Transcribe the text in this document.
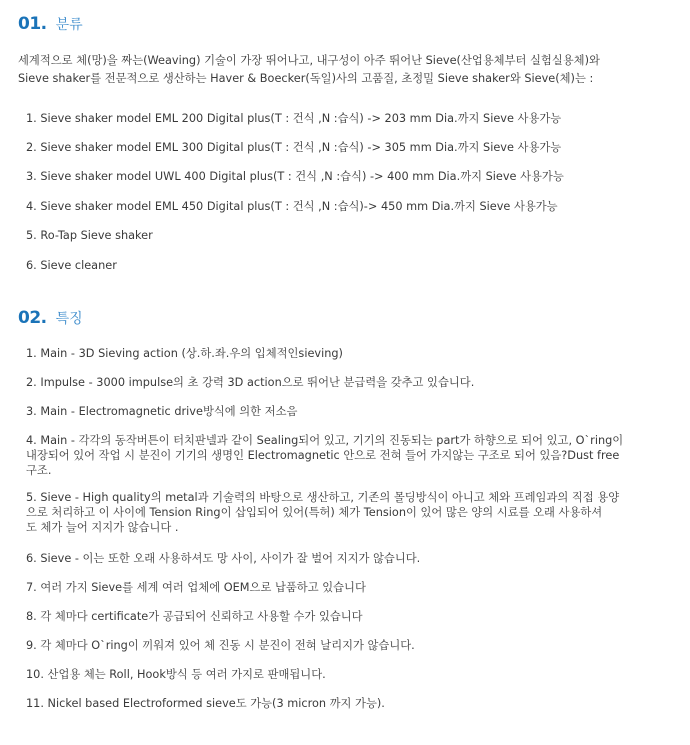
01. 분류
세계적으로 체(망)을 짜는(Weaving) 기술이 가장 뛰어나고, 내구성이 아주 뛰어난 Sieve(산업용체부터 실험실용체)와
Sieve shaker를 전문적으로 생산하는 Haver & Boecker(독일)사의 고품질, 초정밀 Sieve shaker와 Sieve(체)는 :
1. Sieve shaker model EML 200 Digital plus(T : 건식 ,N :습식) -> 203 mm Dia.까지 Sieve 사용가능
2. Sieve shaker model EML 300 Digital plus(T : 건식 ,N :습식) -> 305 mm Dia.까지 Sieve 사용가능
3. Sieve shaker model UWL 400 Digital plus(T : 건식 ,N :습식) -> 400 mm Dia.까지 Sieve 사용가능
4. Sieve shaker model EML 450 Digital plus(T : 건식 ,N :습식)-> 450 mm Dia.까지 Sieve 사용가능
5. Ro-Tap Sieve shaker
6. Sieve cleaner
02. 특징
1. Main - 3D Sieving action (상.하.좌.우의 입체적인sieving)
2. Impulse - 3000 impulse의 초 강력 3D action으로 뛰어난 분급력을 갖추고 있습니다.
3. Main - Electromagnetic drive방식에 의한 저소음
4. Main - 각각의 동작버튼이 터치판넬과 같이 Sealing되어 있고, 기기의 진동되는 part가 하향으로 되어 있고, O`ring이
내장되어 있어 작업 시 분진이 기기의 생명인 Electromagnetic 안으로 전혀 들어 가지않는 구조로 되어 있음?Dust free
구조.
5. Sieve - High quality의 metal과 기술력의 바탕으로 생산하고, 기존의 몰딩방식이 아니고 체와 프레임과의 직접 용양
으로 처리하고 이 사이에 Tension Ring이 삽입되어 있어(특허) 체가 Tension이 있어 많은 양의 시료를 오래 사용하셔
도 체가 늘어 지지가 않습니다 .
6. Sieve - 이는 또한 오래 사용하셔도 망 사이, 사이가 잘 벌어 지지가 않습니다.
7. 여러 가지 Sieve를 세계 여러 업체에 OEM으로 납품하고 있습니다
8. 각 체마다 certificate가 공급되어 신뢰하고 사용할 수가 있습니다
9. 각 체마다 O`ring이 끼워져 있어 체 진동 시 분진이 전혀 날리지가 않습니다.
10. 산업용 체는 Roll, Hook방식 등 여러 가지로 판매됩니다.
11. Nickel based Electroformed sieve도 가능(3 micron 까지 가능).
